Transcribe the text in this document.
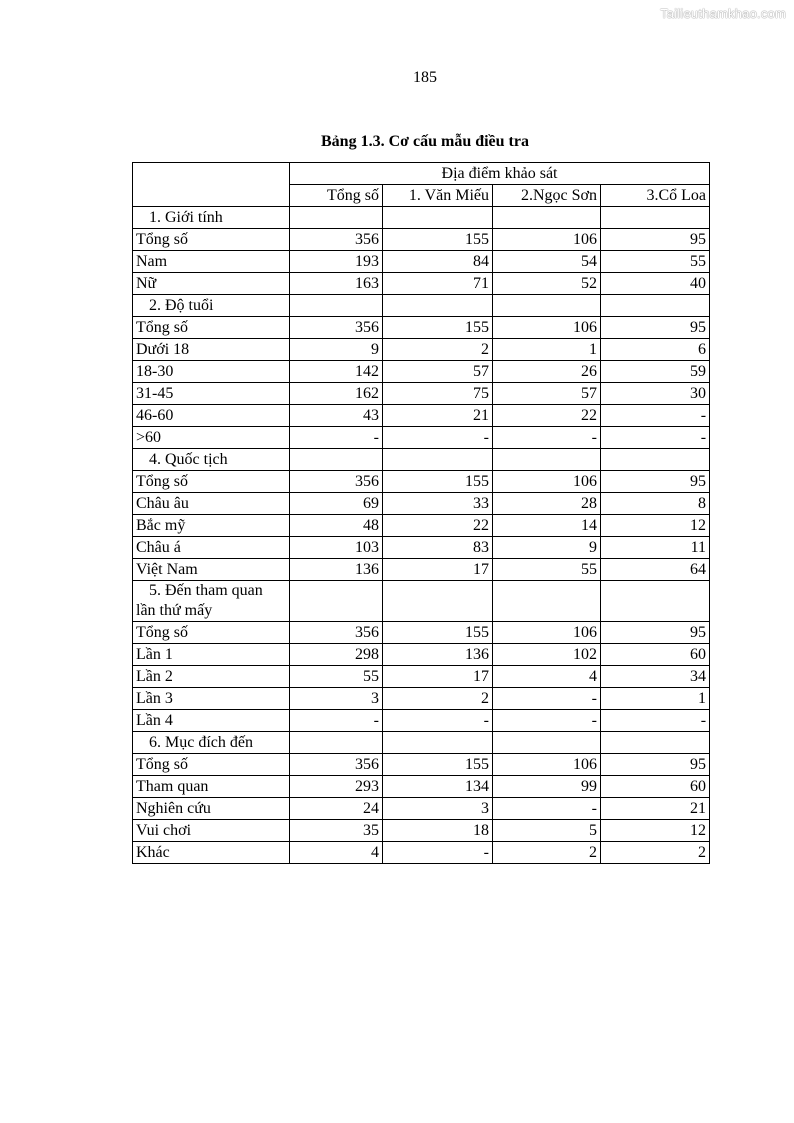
Tailieuthamkhao.com
185
Bảng 1.3. Cơ cấu mẫu điều tra
	Địa điểm khảo sát			
	Tổng số	1. Văn Miếu	2.Ngọc Sơn	3.Cổ Loa
1. Giới tính				
Tổng số	356	155	106	95
Nam	193	84	54	55
Nữ	163	71	52	40
2. Độ tuổi				
Tổng số	356	155	106	95
Dưới 18	9	2	1	6
18-30	142	57	26	59
31-45	162	75	57	30
46-60	43	21	22	-
>60	-	-	-	-
4. Quốc tịch				
Tổng số	356	155	106	95
Châu âu	69	33	28	8
Bắc mỹ	48	22	14	12
Châu á	103	83	9	11
Việt Nam	136	17	55	64
5. Đến tham quan
lần thứ mấy				
Tổng số	356	155	106	95
Lần 1	298	136	102	60
Lần 2	55	17	4	34
Lần 3	3	2	-	1
Lần 4	-	-	-	-
6. Mục đích đến				
Tổng số	356	155	106	95
Tham quan	293	134	99	60
Nghiên cứu	24	3	-	21
Vui chơi	35	18	5	12
Khác	4	-	2	2
